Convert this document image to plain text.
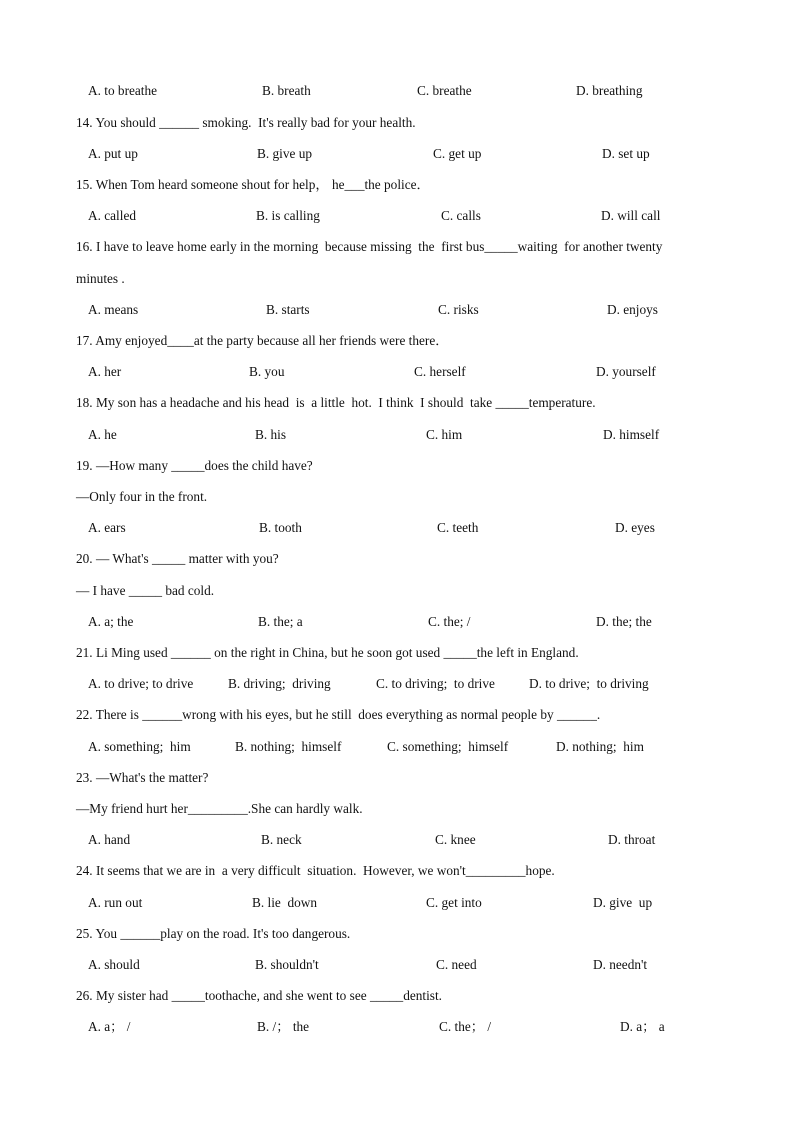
A. to breathe	B. breath	C. breathe	D. breathing
14. You should ______ smoking.  It's really bad for your health.
A. put up	B. give up	C. get up	D. set up
15. When Tom heard someone shout for help， he___the police．
A. called	B. is calling	C. calls	D. will call
16. I have to leave home early in the morning  because missing  the  first bus_____waiting  for another twenty
minutes .
A. means	B. starts	C. risks	D. enjoys
17. Amy enjoyed____at the party because all her friends were there．
A. her	B. you	C. herself	D. yourself
18. My son has a headache and his head  is  a little  hot.  I think  I should  take _____temperature.
A. he	B. his	C. him	D. himself
19. —How many _____does the child have?
—Only four in the front.
A. ears	B. tooth	C. teeth	D. eyes
20. — What's _____ matter with you?
— I have _____ bad cold.
A. a; the	B. the; a	C. the; /	D. the; the
21. Li Ming used ______ on the right in China, but he soon got used _____the left in England.
A. to drive; to drive	B. driving;  driving	C. to driving;  to drive	D. to drive;  to driving
22. There is ______wrong with his eyes, but he still  does everything as normal people by ______.
A. something;  him	B. nothing;  himself	C. something;  himself	D. nothing;  him
23. —What's the matter?
—My friend hurt her_________.She can hardly walk.
A. hand	B. neck	C. knee	D. throat
24. It seems that we are in  a very difficult  situation.  However, we won't_________hope.
A. run out	B. lie  down	C. get into	D. give  up
25. You ______play on the road. It's too dangerous.
A. should	B. shouldn't	C. need	D. needn't
26. My sister had _____toothache, and she went to see _____dentist.
A. a； /	B. /； the	C. the； /	D. a； a
